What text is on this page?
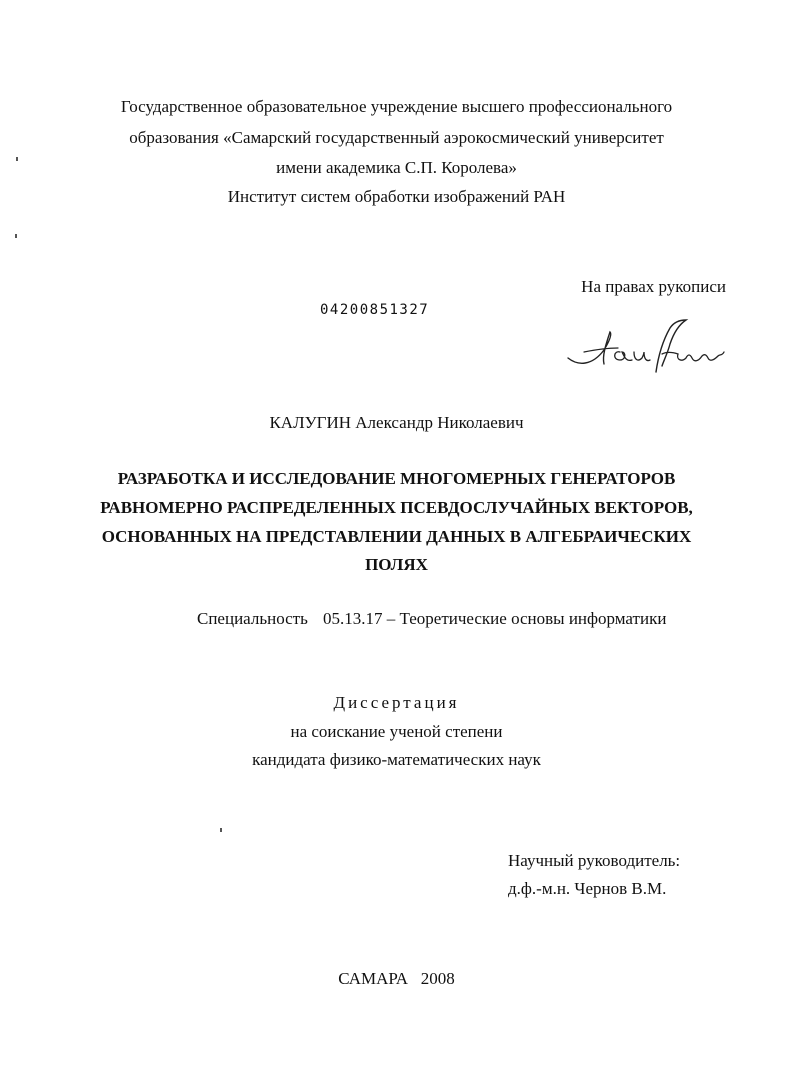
Государственное образовательное учреждение высшего профессионального
образования «Самарский государственный аэрокосмический университет
имени академика С.П. Королева»
Институт систем обработки изображений РАН
На правах рукописи
04200851327
КАЛУГИН Александр Николаевич
РАЗРАБОТКА И ИССЛЕДОВАНИЕ МНОГОМЕРНЫХ ГЕНЕРАТОРОВ
РАВНОМЕРНО РАСПРЕДЕЛЕННЫХ ПСЕВДОСЛУЧАЙНЫХ ВЕКТОРОВ,
ОСНОВАННЫХ НА ПРЕДСТАВЛЕНИИ ДАННЫХ В АЛГЕБРАИЧЕСКИХ
ПОЛЯХ
Специальность 05.13.17 – Теоретические основы информатики
Диссертация
на соискание ученой степени
кандидата физико-математических наук
Научный руководитель:
д.ф.-м.н. Чернов В.М.
САМАРА   2008
